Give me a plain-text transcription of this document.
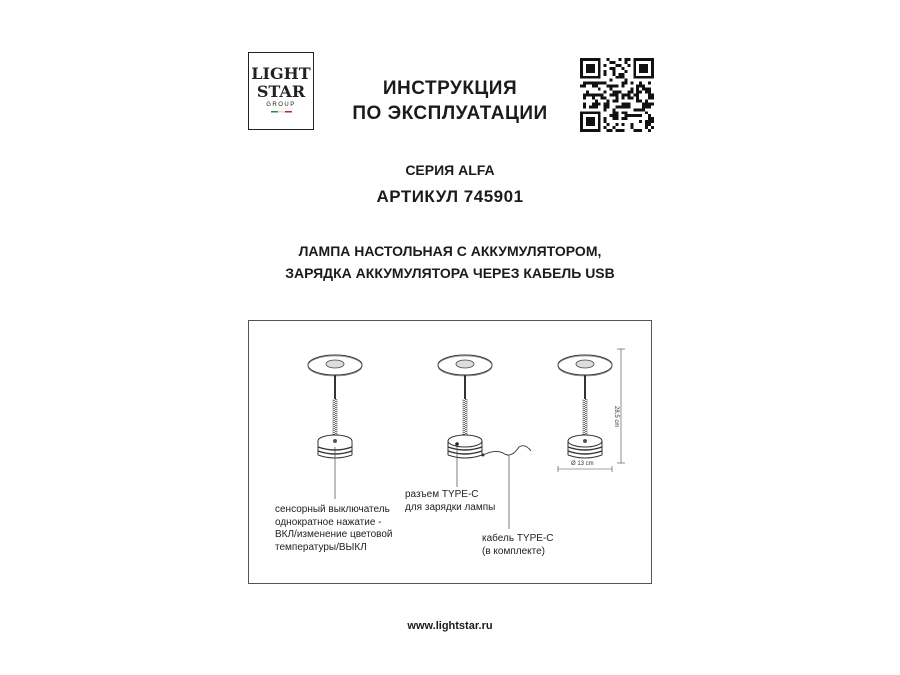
LIGHT
STAR
GROUP
ИНСТРУКЦИЯ
ПО ЭКСПЛУАТАЦИИ
СЕРИЯ ALFA
АРТИКУЛ 745901
ЛАМПА НАСТОЛЬНАЯ С АККУМУЛЯТОРОМ,
ЗАРЯДКА АККУМУЛЯТОРА ЧЕРЕЗ КАБЕЛЬ USB
28,5 cm
Ø 13 cm
сенсорный выключатель
однократное нажатие -
ВКЛ/изменение цветовой
температуры/ВЫКЛ
разъем TYPE-C
для зарядки лампы
кабель TYPE-C
(в комплекте)
www.lightstar.ru
